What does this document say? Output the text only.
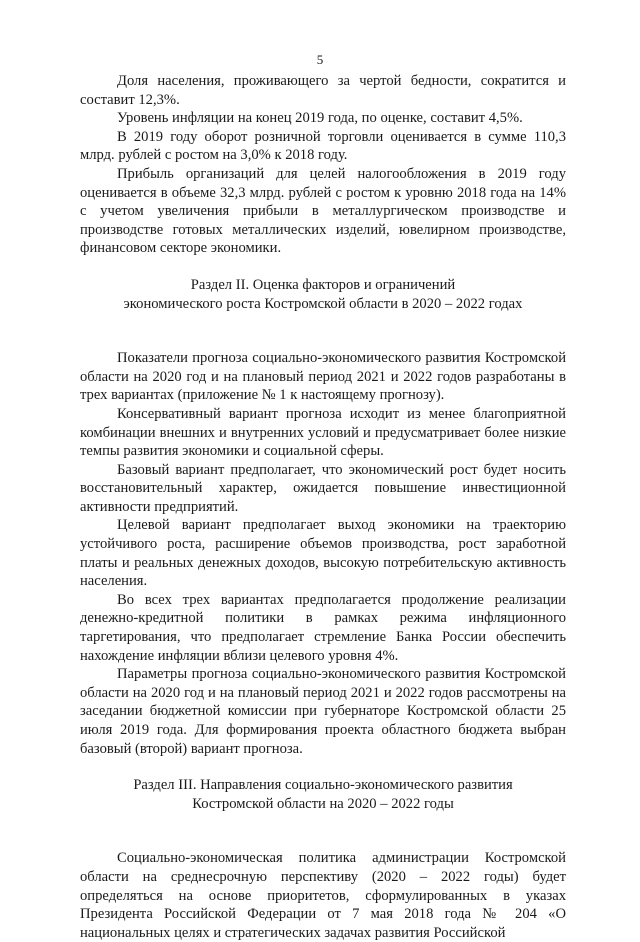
5

Доля населения, проживающего за чертой бедности, сократится и составит 12,3%.

Уровень инфляции на конец 2019 года, по оценке, составит 4,5%.

В 2019 году оборот розничной торговли оценивается в сумме 110,3 млрд. рублей с ростом на 3,0% к 2018 году.

Прибыль организаций для целей налогообложения в 2019 году оценивается в объеме 32,3 млрд. рублей с ростом к уровню 2018 года на 14% с учетом увеличения прибыли в металлургическом производстве и производстве готовых металлических изделий, ювелирном производстве, финансовом секторе экономики.

Раздел II. Оценка факторов и ограничений
экономического роста Костромской области в 2020 – 2022 годах

Показатели прогноза социально-экономического развития Костромской области на 2020 год и на плановый период 2021 и 2022 годов разработаны в трех вариантах (приложение № 1 к настоящему прогнозу).

Консервативный вариант прогноза исходит из менее благоприятной комбинации внешних и внутренних условий и предусматривает более низкие темпы развития экономики и социальной сферы.

Базовый вариант предполагает, что экономический рост будет носить восстановительный характер, ожидается повышение инвестиционной активности предприятий.

Целевой вариант предполагает выход экономики на траекторию устойчивого роста, расширение объемов производства, рост заработной платы и реальных денежных доходов, высокую потребительскую активность населения.

Во всех трех вариантах предполагается продолжение реализации денежно-кредитной политики в рамках режима инфляционного таргетирования, что предполагает стремление Банка России обеспечить нахождение инфляции вблизи целевого уровня 4%.

Параметры прогноза социально-экономического развития Костромской области на 2020 год и на плановый период 2021 и 2022 годов рассмотрены на заседании бюджетной комиссии при губернаторе Костромской области 25 июля 2019 года. Для формирования проекта областного бюджета выбран базовый (второй) вариант прогноза.

Раздел III. Направления социально-экономического развития
Костромской области на 2020 – 2022 годы

Социально-экономическая политика администрации Костромской области на среднесрочную перспективу (2020 – 2022 годы) будет определяться на основе приоритетов, сформулированных в указах Президента Российской Федерации от 7 мая 2018 года № 204 «О национальных целях и стратегических задачах развития Российской
